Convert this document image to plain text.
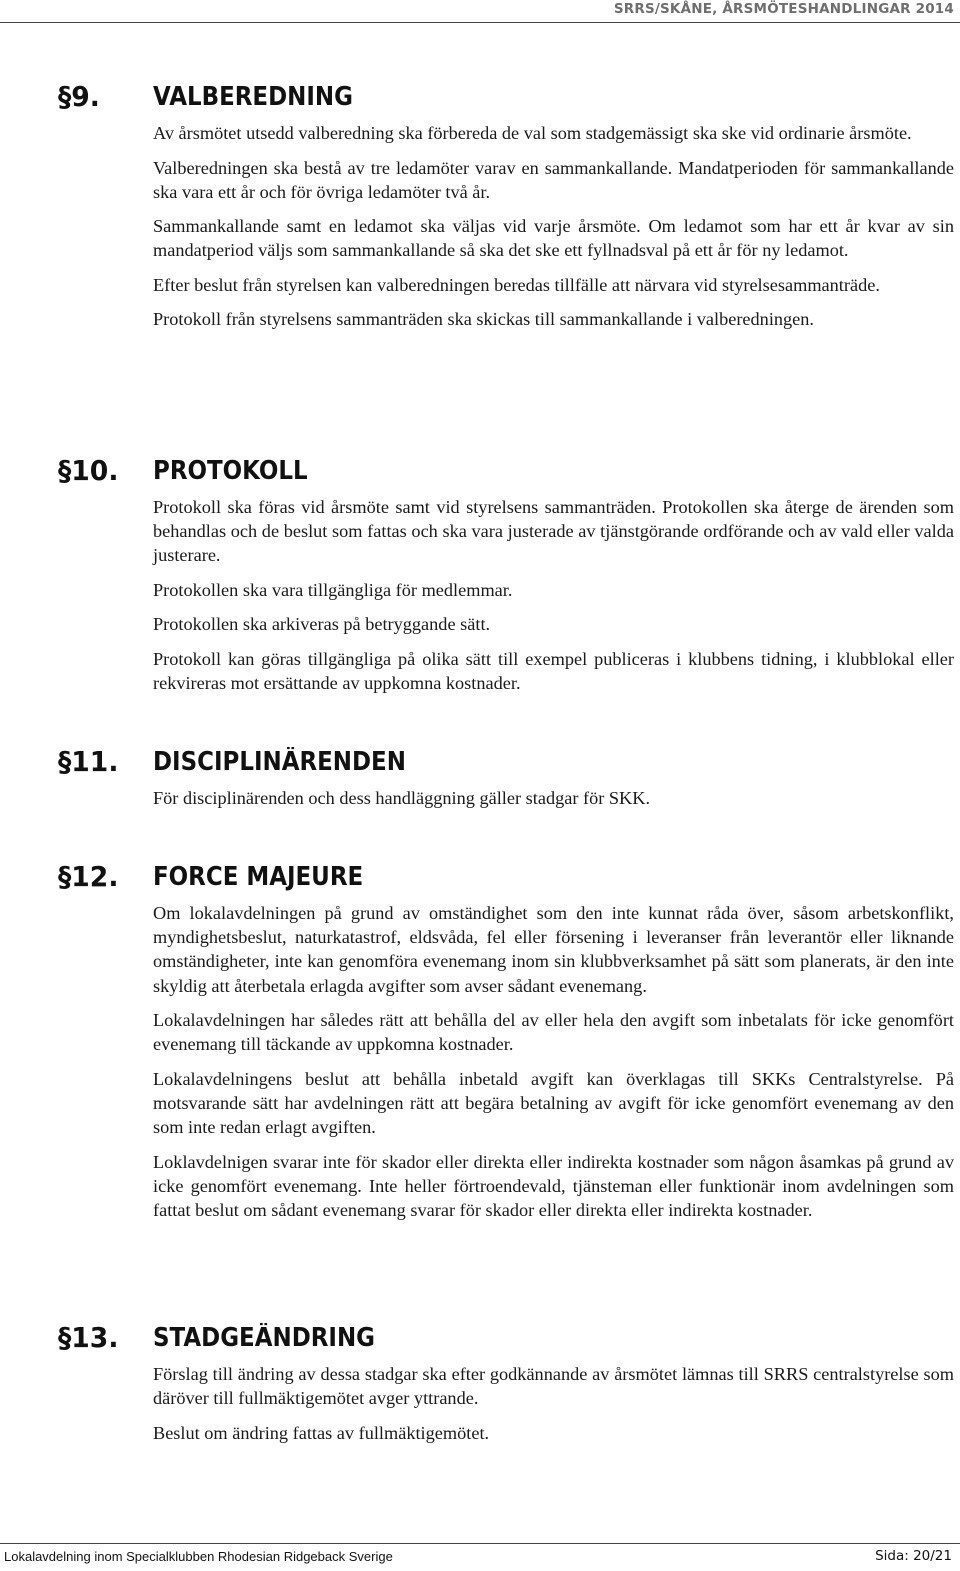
SRRS/SKÅNE, ÅRSMÖTESHANDLINGAR 2014
§9. VALBEREDNING

Av årsmötet utsedd valberedning ska förbereda de val som stadgemässigt ska ske vid ordinarie årsmöte.

Valberedningen ska bestå av tre ledamöter varav en sammankallande. Mandatperioden för sammankallande ska vara ett år och för övriga ledamöter två år.

Sammankallande samt en ledamot ska väljas vid varje årsmöte. Om ledamot som har ett år kvar av sin mandatperiod väljs som sammankallande så ska det ske ett fyllnadsval på ett år för ny ledamot.

Efter beslut från styrelsen kan valberedningen beredas tillfälle att närvara vid styrelsesammanträde.

Protokoll från styrelsens sammanträden ska skickas till sammankallande i valberedningen.

§10. PROTOKOLL

Protokoll ska föras vid årsmöte samt vid styrelsens sammanträden. Protokollen ska återge de ärenden som behandlas och de beslut som fattas och ska vara justerade av tjänstgörande ordförande och av vald eller valda justerare.

Protokollen ska vara tillgängliga för medlemmar.

Protokollen ska arkiveras på betryggande sätt.

Protokoll kan göras tillgängliga på olika sätt till exempel publiceras i klubbens tidning, i klubblokal eller rekvireras mot ersättande av uppkomna kostnader.

§11. DISCIPLINÄRENDEN

För disciplinärenden och dess handläggning gäller stadgar för SKK.

§12. FORCE MAJEURE

Om lokalavdelningen på grund av omständighet som den inte kunnat råda över, såsom arbetskonflikt, myndighetsbeslut, naturkatastrof, eldsvåda, fel eller försening i leveranser från leverantör eller liknande omständigheter, inte kan genomföra evenemang inom sin klubbverksamhet på sätt som planerats, är den inte skyldig att återbetala erlagda avgifter som avser sådant evenemang.

Lokalavdelningen har således rätt att behålla del av eller hela den avgift som inbetalats för icke genomfört evenemang till täckande av uppkomna kostnader.

Lokalavdelningens beslut att behålla inbetald avgift kan överklagas till SKKs Centralstyrelse. På motsvarande sätt har avdelningen rätt att begära betalning av avgift för icke genomfört evenemang av den som inte redan erlagt avgiften.

Loklavdelnigen svarar inte för skador eller direkta eller indirekta kostnader som någon åsamkas på grund av icke genomfört evenemang. Inte heller förtroendevald, tjänsteman eller funktionär inom avdelningen som fattat beslut om sådant evenemang svarar för skador eller direkta eller indirekta kostnader.

§13. STADGEÄNDRING

Förslag till ändring av dessa stadgar ska efter godkännande av årsmötet lämnas till SRRS centralstyrelse som däröver till fullmäktigemötet avger yttrande.

Beslut om ändring fattas av fullmäktigemötet.

Lokalavdelning inom Specialklubben Rhodesian Ridgeback Sverige	Sida: 20/21
